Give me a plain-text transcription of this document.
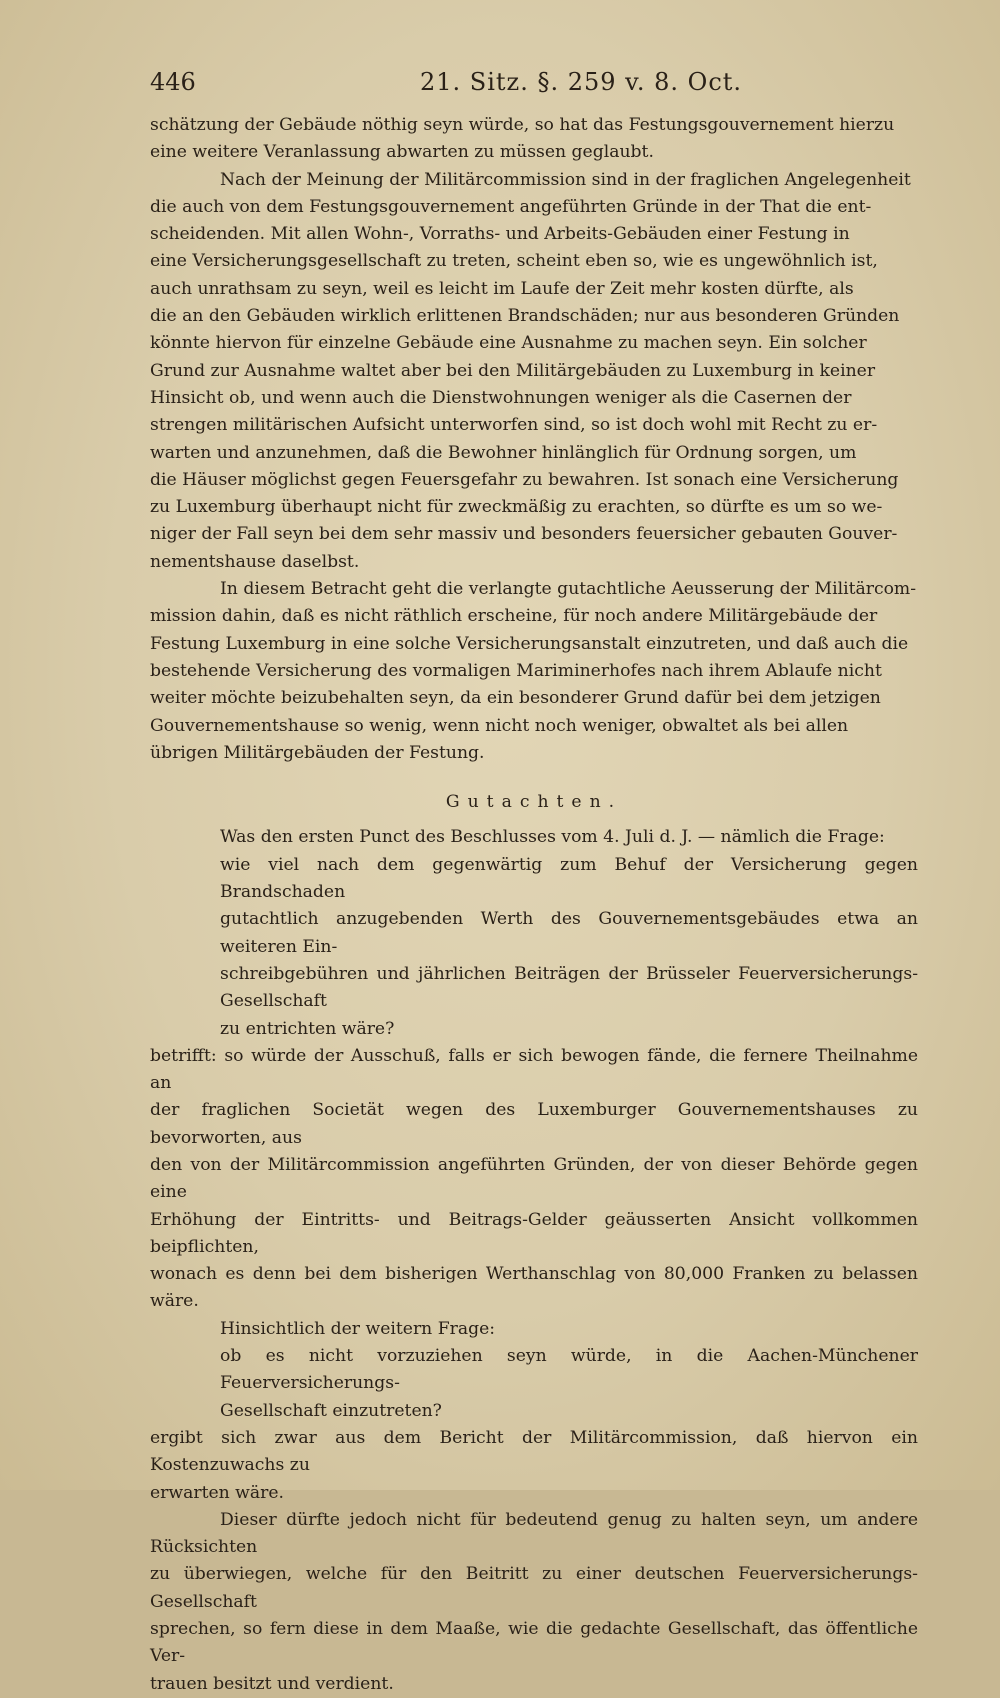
446	21. Sitz. §. 259 v. 8. Oct.

schätzung der Gebäude nöthig seyn würde, so hat das Festungsgouvernement hierzu
eine weitere Veranlassung abwarten zu müssen geglaubt.

Nach der Meinung der Militärcommission sind in der fraglichen Angelegenheit
die auch von dem Festungsgouvernement angeführten Gründe in der That die ent-
scheidenden. Mit allen Wohn-, Vorraths- und Arbeits-Gebäuden einer Festung in
eine Versicherungsgesellschaft zu treten, scheint eben so, wie es ungewöhnlich ist,
auch unrathsam zu seyn, weil es leicht im Laufe der Zeit mehr kosten dürfte, als
die an den Gebäuden wirklich erlittenen Brandschäden; nur aus besonderen Gründen
könnte hiervon für einzelne Gebäude eine Ausnahme zu machen seyn. Ein solcher
Grund zur Ausnahme waltet aber bei den Militärgebäuden zu Luxemburg in keiner
Hinsicht ob, und wenn auch die Dienstwohnungen weniger als die Casernen der
strengen militärischen Aufsicht unterworfen sind, so ist doch wohl mit Recht zu er-
warten und anzunehmen, daß die Bewohner hinlänglich für Ordnung sorgen, um
die Häuser möglichst gegen Feuersgefahr zu bewahren. Ist sonach eine Versicherung
zu Luxemburg überhaupt nicht für zweckmäßig zu erachten, so dürfte es um so we-
niger der Fall seyn bei dem sehr massiv und besonders feuersicher gebauten Gouver-
nementshause daselbst.

In diesem Betracht geht die verlangte gutachtliche Aeusserung der Militärcom-
mission dahin, daß es nicht räthlich erscheine, für noch andere Militärgebäude der
Festung Luxemburg in eine solche Versicherungsanstalt einzutreten, und daß auch die
bestehende Versicherung des vormaligen Mariminerhofes nach ihrem Ablaufe nicht
weiter möchte beizubehalten seyn, da ein besonderer Grund dafür bei dem jetzigen
Gouvernementshause so wenig, wenn nicht noch weniger, obwaltet als bei allen
übrigen Militärgebäuden der Festung.

Gutachten.

Was den ersten Punct des Beschlusses vom 4. Juli d. J. — nämlich die Frage:

wie viel nach dem gegenwärtig zum Behuf der Versicherung gegen Brandschaden
gutachtlich anzugebenden Werth des Gouvernementsgebäudes etwa an weiteren Ein-
schreibgebühren und jährlichen Beiträgen der Brüsseler Feuerversicherungs-Gesellschaft
zu entrichten wäre?

betrifft: so würde der Ausschuß, falls er sich bewogen fände, die fernere Theilnahme an
der fraglichen Societät wegen des Luxemburger Gouvernementshauses zu bevorworten, aus
den von der Militärcommission angeführten Gründen, der von dieser Behörde gegen eine
Erhöhung der Eintritts- und Beitrags-Gelder geäusserten Ansicht vollkommen beipflichten,
wonach es denn bei dem bisherigen Werthanschlag von 80,000 Franken zu belassen wäre.

Hinsichtlich der weitern Frage:

ob es nicht vorzuziehen seyn würde, in die Aachen-Münchener Feuerversicherungs-
Gesellschaft einzutreten?

ergibt sich zwar aus dem Bericht der Militärcommission, daß hiervon ein Kostenzuwachs zu
erwarten wäre.

Dieser dürfte jedoch nicht für bedeutend genug zu halten seyn, um andere Rücksichten
zu überwiegen, welche für den Beitritt zu einer deutschen Feuerversicherungs-Gesellschaft
sprechen, so fern diese in dem Maaße, wie die gedachte Gesellschaft, das öffentliche Ver-
trauen besitzt und verdient.
